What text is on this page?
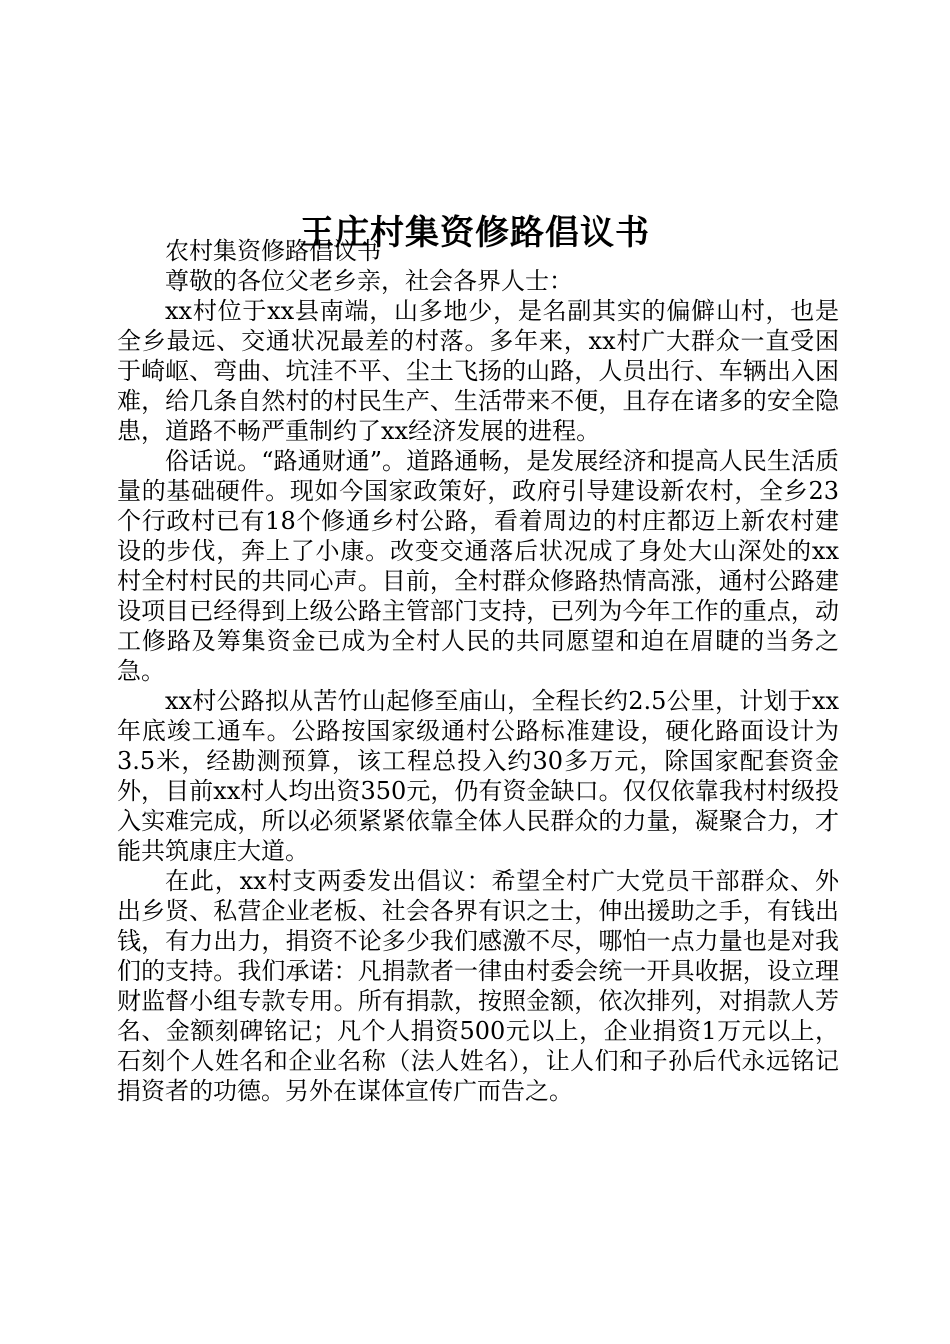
王庄村集资修路倡议书

农村集资修路倡议书

尊敬的各位父老乡亲，社会各界人士：

xx村位于xx县南端，山多地少，是名副其实的偏僻山村，也是全乡最远、交通状况最差的村落。多年来，xx村广大群众一直受困于崎岖、弯曲、坑洼不平、尘土飞扬的山路，人员出行、车辆出入困难，给几条自然村的村民生产、生活带来不便，且存在诸多的安全隐患，道路不畅严重制约了xx经济发展的进程。

俗话说。“路通财通”。道路通畅，是发展经济和提高人民生活质量的基础硬件。现如今国家政策好，政府引导建设新农村，全乡23个行政村已有18个修通乡村公路，看着周边的村庄都迈上新农村建设的步伐，奔上了小康。改变交通落后状况成了身处大山深处的xx村全村村民的共同心声。目前，全村群众修路热情高涨，通村公路建设项目已经得到上级公路主管部门支持，已列为今年工作的重点，动工修路及筹集资金已成为全村人民的共同愿望和迫在眉睫的当务之急。

xx村公路拟从苦竹山起修至庙山，全程长约2.5公里，计划于xx年底竣工通车。公路按国家级通村公路标准建设，硬化路面设计为3.5米，经勘测预算，该工程总投入约30多万元，除国家配套资金外，目前xx村人均出资350元，仍有资金缺口。仅仅依靠我村村级投入实难完成，所以必须紧紧依靠全体人民群众的力量，凝聚合力，才能共筑康庄大道。

在此，xx村支两委发出倡议：希望全村广大党员干部群众、外出乡贤、私营企业老板、社会各界有识之士，伸出援助之手，有钱出钱，有力出力，捐资不论多少我们感激不尽，哪怕一点力量也是对我们的支持。我们承诺：凡捐款者一律由村委会统一开具收据，设立理财监督小组专款专用。所有捐款，按照金额，依次排列，对捐款人芳名、金额刻碑铭记；凡个人捐资500元以上，企业捐资1万元以上，石刻个人姓名和企业名称（法人姓名），让人们和子孙后代永远铭记捐资者的功德。另外在谋体宣传广而告之。
